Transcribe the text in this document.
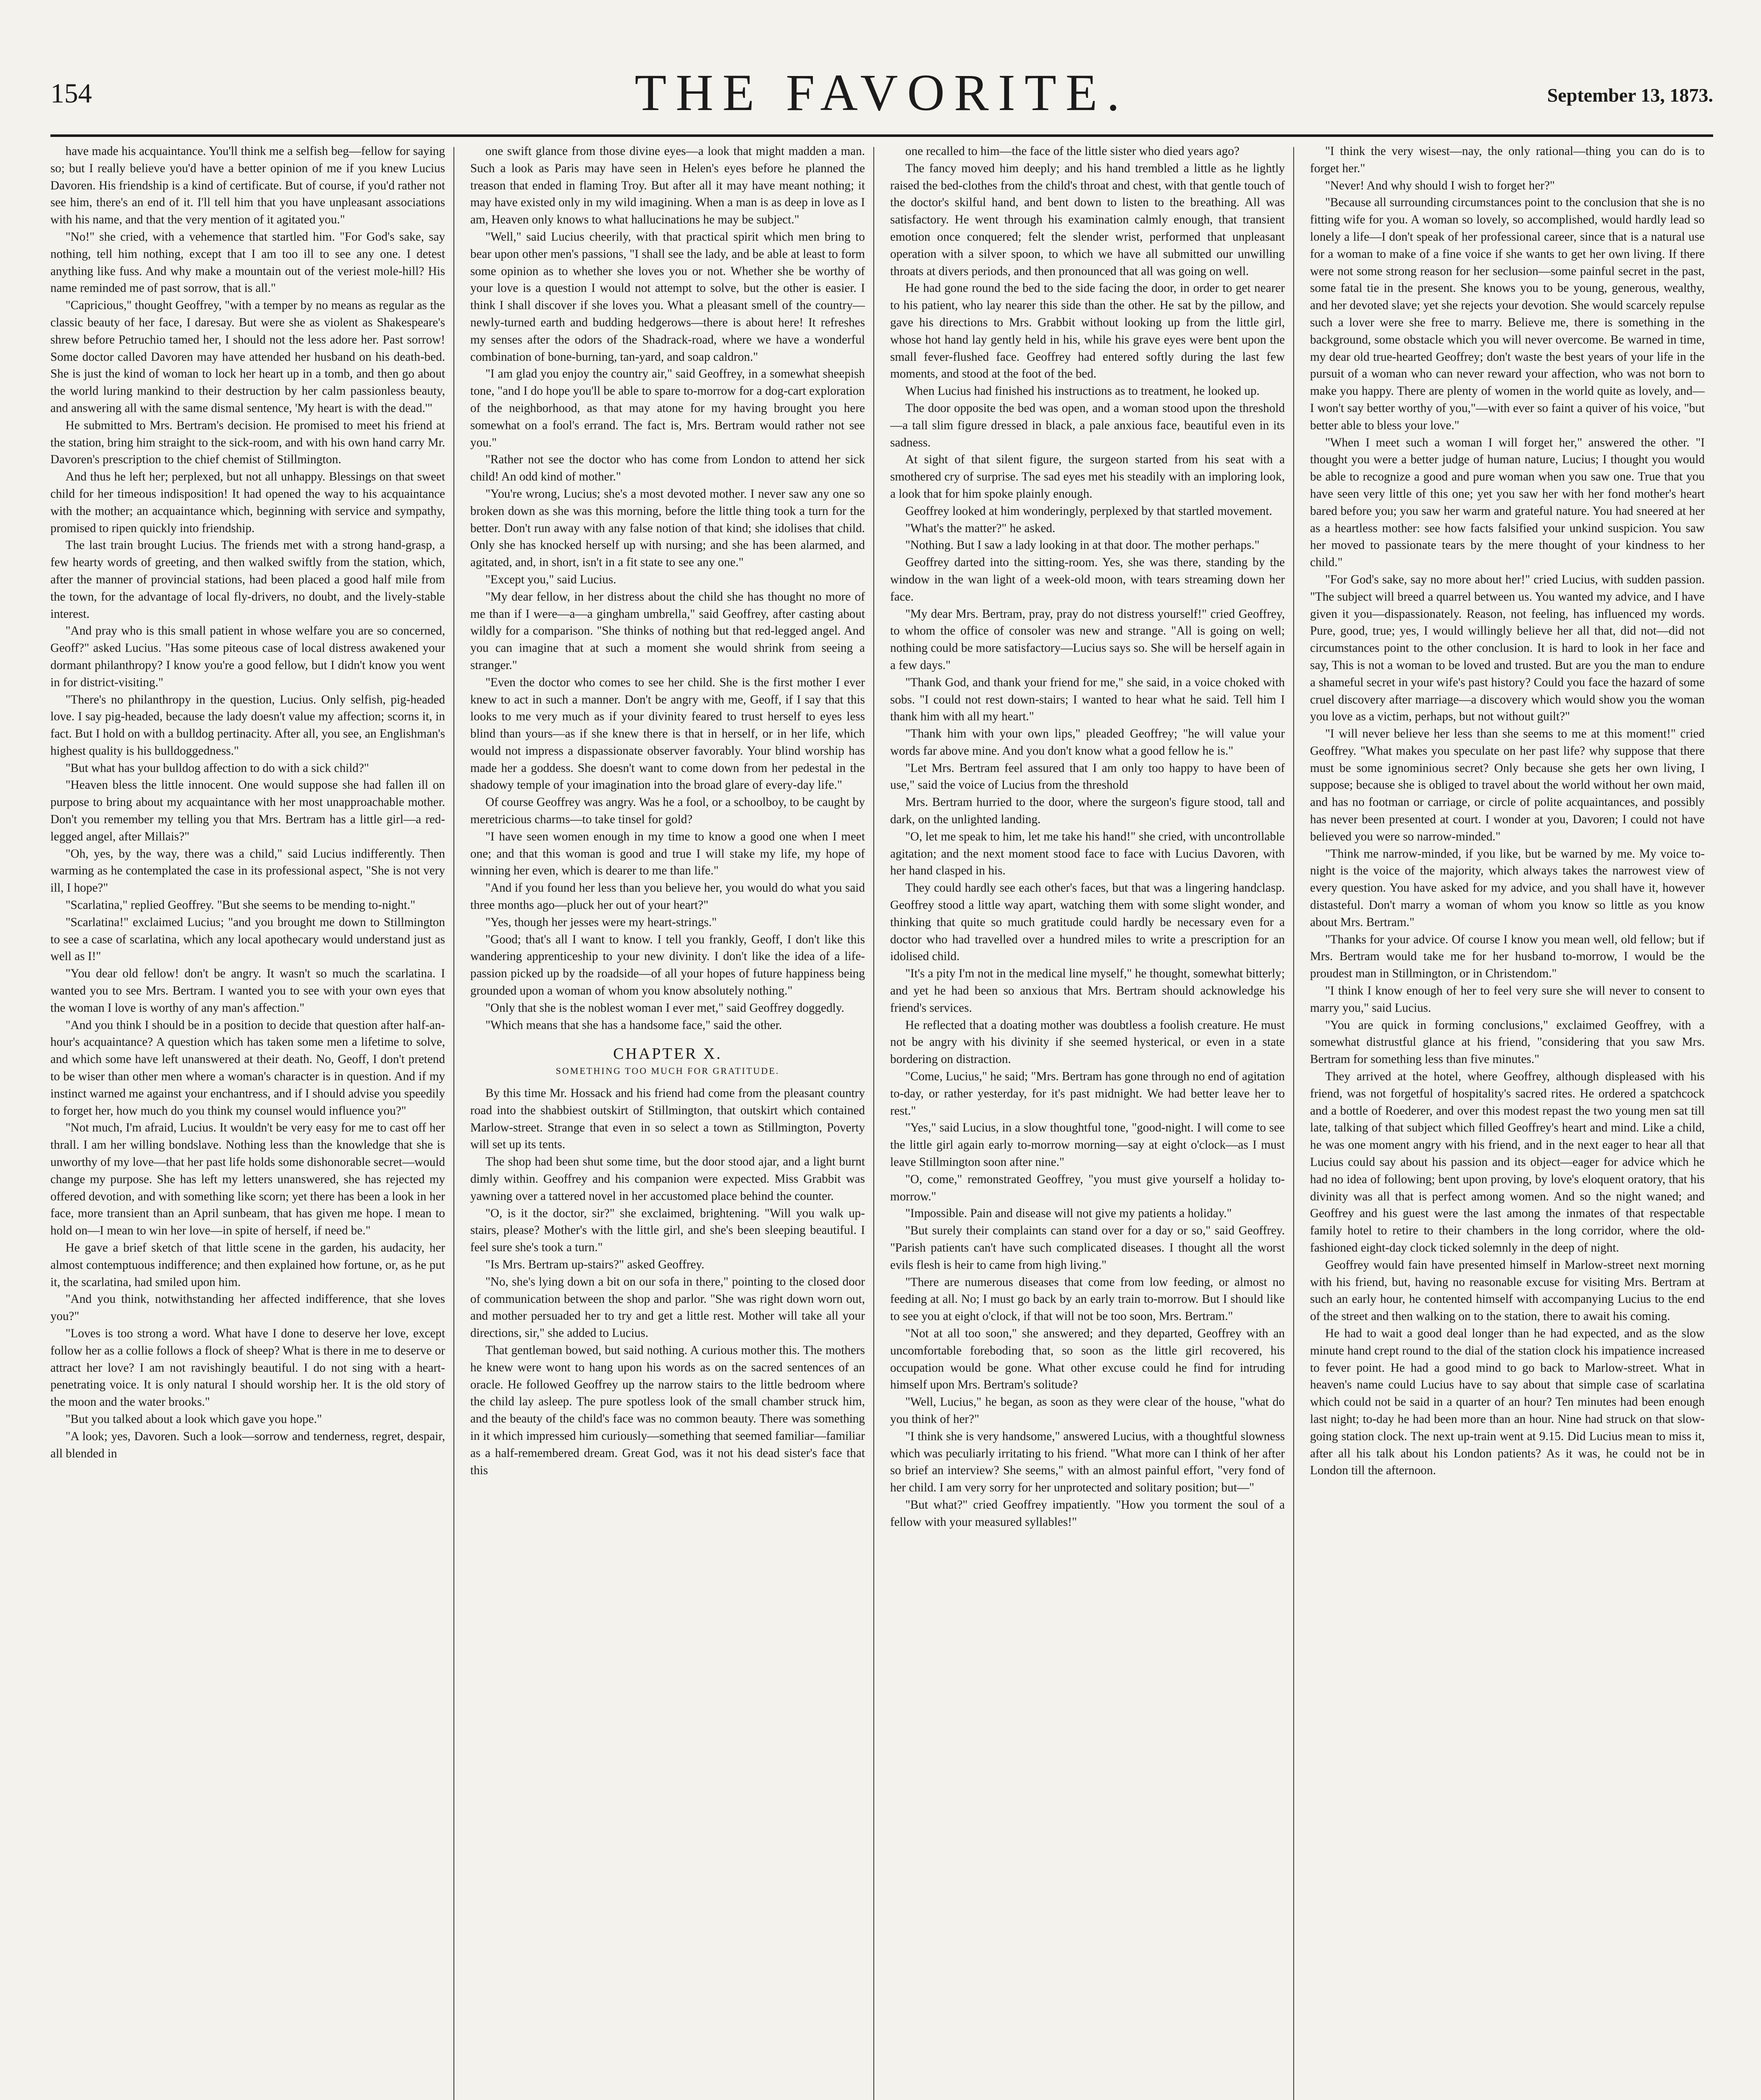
154	THE FAVORITE.	September 13, 1873.

have made his acquaintance. You'll think me a selfish beg—fellow for saying so; but I really believe you'd have a better opinion of me if you knew Lucius Davoren. His friendship is a kind of certificate. But of course, if you'd rather not see him, there's an end of it. I'll tell him that you have unpleasant associations with his name, and that the very mention of it agitated you."

"No!" she cried, with a vehemence that startled him. "For God's sake, say nothing, tell him nothing, except that I am too ill to see any one. I detest anything like fuss. And why make a mountain out of the veriest mole-hill? His name reminded me of past sorrow, that is all."

"Capricious," thought Geoffrey, "with a temper by no means as regular as the classic beauty of her face, I daresay. But were she as violent as Shakespeare's shrew before Petruchio tamed her, I should not the less adore her. Past sorrow! Some doctor called Davoren may have attended her husband on his death-bed. She is just the kind of woman to lock her heart up in a tomb, and then go about the world luring mankind to their destruction by her calm passionless beauty, and answering all with the same dismal sentence, 'My heart is with the dead.'"

He submitted to Mrs. Bertram's decision. He promised to meet his friend at the station, bring him straight to the sick-room, and with his own hand carry Mr. Davoren's prescription to the chief chemist of Stillmington.

And thus he left her; perplexed, but not all unhappy. Blessings on that sweet child for her timeous indisposition! It had opened the way to his acquaintance with the mother; an acquaintance which, beginning with service and sympathy, promised to ripen quickly into friendship.

The last train brought Lucius. The friends met with a strong hand-grasp, a few hearty words of greeting, and then walked swiftly from the station, which, after the manner of provincial stations, had been placed a good half mile from the town, for the advantage of local fly-drivers, no doubt, and the lively-stable interest.

"And pray who is this small patient in whose welfare you are so concerned, Geoff?" asked Lucius. "Has some piteous case of local distress awakened your dormant philanthropy? I know you're a good fellow, but I didn't know you went in for district-visiting."

"There's no philanthropy in the question, Lucius. Only selfish, pig-headed love. I say pig-headed, because the lady doesn't value my affection; scorns it, in fact. But I hold on with a bulldog pertinacity. After all, you see, an Englishman's highest quality is his bulldoggedness."

"But what has your bulldog affection to do with a sick child?"

"Heaven bless the little innocent. One would suppose she had fallen ill on purpose to bring about my acquaintance with her most unapproachable mother. Don't you remember my telling you that Mrs. Bertram has a little girl—a red-legged angel, after Millais?"

"Oh, yes, by the way, there was a child," said Lucius indifferently. Then warming as he contemplated the case in its professional aspect, "She is not very ill, I hope?"

"Scarlatina," replied Geoffrey. "But she seems to be mending to-night."

"Scarlatina!" exclaimed Lucius; "and you brought me down to Stillmington to see a case of scarlatina, which any local apothecary would understand just as well as I!"

"You dear old fellow! don't be angry. It wasn't so much the scarlatina. I wanted you to see Mrs. Bertram. I wanted you to see with your own eyes that the woman I love is worthy of any man's affection."

"And you think I should be in a position to decide that question after half-an-hour's acquaintance? A question which has taken some men a lifetime to solve, and which some have left unanswered at their death. No, Geoff, I don't pretend to be wiser than other men where a woman's character is in question. And if my instinct warned me against your enchantress, and if I should advise you speedily to forget her, how much do you think my counsel would influence you?"

"Not much, I'm afraid, Lucius. It wouldn't be very easy for me to cast off her thrall. I am her willing bondslave. Nothing less than the knowledge that she is unworthy of my love—that her past life holds some dishonorable secret—would change my purpose. She has left my letters unanswered, she has rejected my offered devotion, and with something like scorn; yet there has been a look in her face, more transient than an April sunbeam, that has given me hope. I mean to hold on—I mean to win her love—in spite of herself, if need be."

He gave a brief sketch of that little scene in the garden, his audacity, her almost contemptuous indifference; and then explained how fortune, or, as he put it, the scarlatina, had smiled upon him.

"And you think, notwithstanding her affected indifference, that she loves you?"

"Loves is too strong a word. What have I done to deserve her love, except follow her as a collie follows a flock of sheep? What is there in me to deserve or attract her love? I am not ravishingly beautiful. I do not sing with a heart-penetrating voice. It is only natural I should worship her. It is the old story of the moon and the water brooks."

"But you talked about a look which gave you hope."

"A look; yes, Davoren. Such a look—sorrow and tenderness, regret, despair, all blended in

one swift glance from those divine eyes—a look that might madden a man. Such a look as Paris may have seen in Helen's eyes before he planned the treason that ended in flaming Troy. But after all it may have meant nothing; it may have existed only in my wild imagining. When a man is as deep in love as I am, Heaven only knows to what hallucinations he may be subject."

"Well," said Lucius cheerily, with that practical spirit which men bring to bear upon other men's passions, "I shall see the lady, and be able at least to form some opinion as to whether she loves you or not. Whether she be worthy of your love is a question I would not attempt to solve, but the other is easier. I think I shall discover if she loves you. What a pleasant smell of the country—newly-turned earth and budding hedgerows—there is about here! It refreshes my senses after the odors of the Shadrack-road, where we have a wonderful combination of bone-burning, tan-yard, and soap caldron."

"I am glad you enjoy the country air," said Geoffrey, in a somewhat sheepish tone, "and I do hope you'll be able to spare to-morrow for a dog-cart exploration of the neighborhood, as that may atone for my having brought you here somewhat on a fool's errand. The fact is, Mrs. Bertram would rather not see you."

"Rather not see the doctor who has come from London to attend her sick child! An odd kind of mother."

"You're wrong, Lucius; she's a most devoted mother. I never saw any one so broken down as she was this morning, before the little thing took a turn for the better. Don't run away with any false notion of that kind; she idolises that child. Only she has knocked herself up with nursing; and she has been alarmed, and agitated, and, in short, isn't in a fit state to see any one."

"Except you," said Lucius.

"My dear fellow, in her distress about the child she has thought no more of me than if I were—a—a gingham umbrella," said Geoffrey, after casting about wildly for a comparison. "She thinks of nothing but that red-legged angel. And you can imagine that at such a moment she would shrink from seeing a stranger."

"Even the doctor who comes to see her child. She is the first mother I ever knew to act in such a manner. Don't be angry with me, Geoff, if I say that this looks to me very much as if your divinity feared to trust herself to eyes less blind than yours—as if she knew there is that in herself, or in her life, which would not impress a dispassionate observer favorably. Your blind worship has made her a goddess. She doesn't want to come down from her pedestal in the shadowy temple of your imagination into the broad glare of every-day life."

Of course Geoffrey was angry. Was he a fool, or a schoolboy, to be caught by meretricious charms—to take tinsel for gold?

"I have seen women enough in my time to know a good one when I meet one; and that this woman is good and true I will stake my life, my hope of winning her even, which is dearer to me than life."

"And if you found her less than you believe her, you would do what you said three months ago—pluck her out of your heart?"

"Yes, though her jesses were my heart-strings."

"Good; that's all I want to know. I tell you frankly, Geoff, I don't like this wandering apprenticeship to your new divinity. I don't like the idea of a life-passion picked up by the roadside—of all your hopes of future happiness being grounded upon a woman of whom you know absolutely nothing."

"Only that she is the noblest woman I ever met," said Geoffrey doggedly.

"Which means that she has a handsome face," said the other.

CHAPTER X.

SOMETHING TOO MUCH FOR GRATITUDE.

By this time Mr. Hossack and his friend had come from the pleasant country road into the shabbiest outskirt of Stillmington, that outskirt which contained Marlow-street. Strange that even in so select a town as Stillmington, Poverty will set up its tents.

The shop had been shut some time, but the door stood ajar, and a light burnt dimly within. Geoffrey and his companion were expected. Miss Grabbit was yawning over a tattered novel in her accustomed place behind the counter.

"O, is it the doctor, sir?" she exclaimed, brightening. "Will you walk up-stairs, please? Mother's with the little girl, and she's been sleeping beautiful. I feel sure she's took a turn."

"Is Mrs. Bertram up-stairs?" asked Geoffrey.

"No, she's lying down a bit on our sofa in there," pointing to the closed door of communication between the shop and parlor. "She was right down worn out, and mother persuaded her to try and get a little rest. Mother will take all your directions, sir," she added to Lucius.

That gentleman bowed, but said nothing. A curious mother this. The mothers he knew were wont to hang upon his words as on the sacred sentences of an oracle. He followed Geoffrey up the narrow stairs to the little bedroom where the child lay asleep. The pure spotless look of the small chamber struck him, and the beauty of the child's face was no common beauty. There was something in it which impressed him curiously—something that seemed familiar—familiar as a half-remembered dream. Great God, was it not his dead sister's face that this

one recalled to him—the face of the little sister who died years ago?

The fancy moved him deeply; and his hand trembled a little as he lightly raised the bed-clothes from the child's throat and chest, with that gentle touch of the doctor's skilful hand, and bent down to listen to the breathing. All was satisfactory. He went through his examination calmly enough, that transient emotion once conquered; felt the slender wrist, performed that unpleasant operation with a silver spoon, to which we have all submitted our unwilling throats at divers periods, and then pronounced that all was going on well.

He had gone round the bed to the side facing the door, in order to get nearer to his patient, who lay nearer this side than the other. He sat by the pillow, and gave his directions to Mrs. Grabbit without looking up from the little girl, whose hot hand lay gently held in his, while his grave eyes were bent upon the small fever-flushed face. Geoffrey had entered softly during the last few moments, and stood at the foot of the bed.

When Lucius had finished his instructions as to treatment, he looked up.

The door opposite the bed was open, and a woman stood upon the threshold—a tall slim figure dressed in black, a pale anxious face, beautiful even in its sadness.

At sight of that silent figure, the surgeon started from his seat with a smothered cry of surprise. The sad eyes met his steadily with an imploring look, a look that for him spoke plainly enough.

Geoffrey looked at him wonderingly, perplexed by that startled movement.

"What's the matter?" he asked.

"Nothing. But I saw a lady looking in at that door. The mother perhaps."

Geoffrey darted into the sitting-room. Yes, she was there, standing by the window in the wan light of a week-old moon, with tears streaming down her face.

"My dear Mrs. Bertram, pray, pray do not distress yourself!" cried Geoffrey, to whom the office of consoler was new and strange. "All is going on well; nothing could be more satisfactory—Lucius says so. She will be herself again in a few days."

"Thank God, and thank your friend for me," she said, in a voice choked with sobs. "I could not rest down-stairs; I wanted to hear what he said. Tell him I thank him with all my heart."

"Thank him with your own lips," pleaded Geoffrey; "he will value your words far above mine. And you don't know what a good fellow he is."

"Let Mrs. Bertram feel assured that I am only too happy to have been of use," said the voice of Lucius from the threshold

Mrs. Bertram hurried to the door, where the surgeon's figure stood, tall and dark, on the unlighted landing.

"O, let me speak to him, let me take his hand!" she cried, with uncontrollable agitation; and the next moment stood face to face with Lucius Davoren, with her hand clasped in his.

They could hardly see each other's faces, but that was a lingering handclasp. Geoffrey stood a little way apart, watching them with some slight wonder, and thinking that quite so much gratitude could hardly be necessary even for a doctor who had travelled over a hundred miles to write a prescription for an idolised child.

"It's a pity I'm not in the medical line myself," he thought, somewhat bitterly; and yet he had been so anxious that Mrs. Bertram should acknowledge his friend's services.

He reflected that a doating mother was doubtless a foolish creature. He must not be angry with his divinity if she seemed hysterical, or even in a state bordering on distraction.

"Come, Lucius," he said; "Mrs. Bertram has gone through no end of agitation to-day, or rather yesterday, for it's past midnight. We had better leave her to rest."

"Yes," said Lucius, in a slow thoughtful tone, "good-night. I will come to see the little girl again early to-morrow morning—say at eight o'clock—as I must leave Stillmington soon after nine."

"O, come," remonstrated Geoffrey, "you must give yourself a holiday to-morrow."

"Impossible. Pain and disease will not give my patients a holiday."

"But surely their complaints can stand over for a day or so," said Geoffrey. "Parish patients can't have such complicated diseases. I thought all the worst evils flesh is heir to came from high living."

"There are numerous diseases that come from low feeding, or almost no feeding at all. No; I must go back by an early train to-morrow. But I should like to see you at eight o'clock, if that will not be too soon, Mrs. Bertram."

"Not at all too soon," she answered; and they departed, Geoffrey with an uncomfortable foreboding that, so soon as the little girl recovered, his occupation would be gone. What other excuse could he find for intruding himself upon Mrs. Bertram's solitude?

"Well, Lucius," he began, as soon as they were clear of the house, "what do you think of her?"

"I think she is very handsome," answered Lucius, with a thoughtful slowness which was peculiarly irritating to his friend. "What more can I think of her after so brief an interview? She seems," with an almost painful effort, "very fond of her child. I am very sorry for her unprotected and solitary position; but—"

"But what?" cried Geoffrey impatiently. "How you torment the soul of a fellow with your measured syllables!"

"I think the very wisest—nay, the only rational—thing you can do is to forget her."

"Never! And why should I wish to forget her?"

"Because all surrounding circumstances point to the conclusion that she is no fitting wife for you. A woman so lovely, so accomplished, would hardly lead so lonely a life—I don't speak of her professional career, since that is a natural use for a woman to make of a fine voice if she wants to get her own living. If there were not some strong reason for her seclusion—some painful secret in the past, some fatal tie in the present. She knows you to be young, generous, wealthy, and her devoted slave; yet she rejects your devotion. She would scarcely repulse such a lover were she free to marry. Believe me, there is something in the background, some obstacle which you will never overcome. Be warned in time, my dear old true-hearted Geoffrey; don't waste the best years of your life in the pursuit of a woman who can never reward your affection, who was not born to make you happy. There are plenty of women in the world quite as lovely, and—I won't say better worthy of you,"—with ever so faint a quiver of his voice, "but better able to bless your love."

"When I meet such a woman I will forget her," answered the other. "I thought you were a better judge of human nature, Lucius; I thought you would be able to recognize a good and pure woman when you saw one. True that you have seen very little of this one; yet you saw her with her fond mother's heart bared before you; you saw her warm and grateful nature. You had sneered at her as a heartless mother: see how facts falsified your unkind suspicion. You saw her moved to passionate tears by the mere thought of your kindness to her child."

"For God's sake, say no more about her!" cried Lucius, with sudden passion. "The subject will breed a quarrel between us. You wanted my advice, and I have given it you—dispassionately. Reason, not feeling, has influenced my words. Pure, good, true; yes, I would willingly believe her all that, did not—did not circumstances point to the other conclusion. It is hard to look in her face and say, This is not a woman to be loved and trusted. But are you the man to endure a shameful secret in your wife's past history? Could you face the hazard of some cruel discovery after marriage—a discovery which would show you the woman you love as a victim, perhaps, but not without guilt?"

"I will never believe her less than she seems to me at this moment!" cried Geoffrey. "What makes you speculate on her past life? why suppose that there must be some ignominious secret? Only because she gets her own living, I suppose; because she is obliged to travel about the world without her own maid, and has no footman or carriage, or circle of polite acquaintances, and possibly has never been presented at court. I wonder at you, Davoren; I could not have believed you were so narrow-minded."

"Think me narrow-minded, if you like, but be warned by me. My voice to-night is the voice of the majority, which always takes the narrowest view of every question. You have asked for my advice, and you shall have it, however distasteful. Don't marry a woman of whom you know so little as you know about Mrs. Bertram."

"Thanks for your advice. Of course I know you mean well, old fellow; but if Mrs. Bertram would take me for her husband to-morrow, I would be the proudest man in Stillmington, or in Christendom."

"I think I know enough of her to feel very sure she will never to consent to marry you," said Lucius.

"You are quick in forming conclusions," exclaimed Geoffrey, with a somewhat distrustful glance at his friend, "considering that you saw Mrs. Bertram for something less than five minutes."

They arrived at the hotel, where Geoffrey, although displeased with his friend, was not forgetful of hospitality's sacred rites. He ordered a spatchcock and a bottle of Roederer, and over this modest repast the two young men sat till late, talking of that subject which filled Geoffrey's heart and mind. Like a child, he was one moment angry with his friend, and in the next eager to hear all that Lucius could say about his passion and its object—eager for advice which he had no idea of following; bent upon proving, by love's eloquent oratory, that his divinity was all that is perfect among women. And so the night waned; and Geoffrey and his guest were the last among the inmates of that respectable family hotel to retire to their chambers in the long corridor, where the old-fashioned eight-day clock ticked solemnly in the deep of night.

Geoffrey would fain have presented himself in Marlow-street next morning with his friend, but, having no reasonable excuse for visiting Mrs. Bertram at such an early hour, he contented himself with accompanying Lucius to the end of the street and then walking on to the station, there to await his coming.

He had to wait a good deal longer than he had expected, and as the slow minute hand crept round to the dial of the station clock his impatience increased to fever point. He had a good mind to go back to Marlow-street. What in heaven's name could Lucius have to say about that simple case of scarlatina which could not be said in a quarter of an hour? Ten minutes had been enough last night; to-day he had been more than an hour. Nine had struck on that slow-going station clock. The next up-train went at 9.15. Did Lucius mean to miss it, after all his talk about his London patients? As it was, he could not be in London till the afternoon.
